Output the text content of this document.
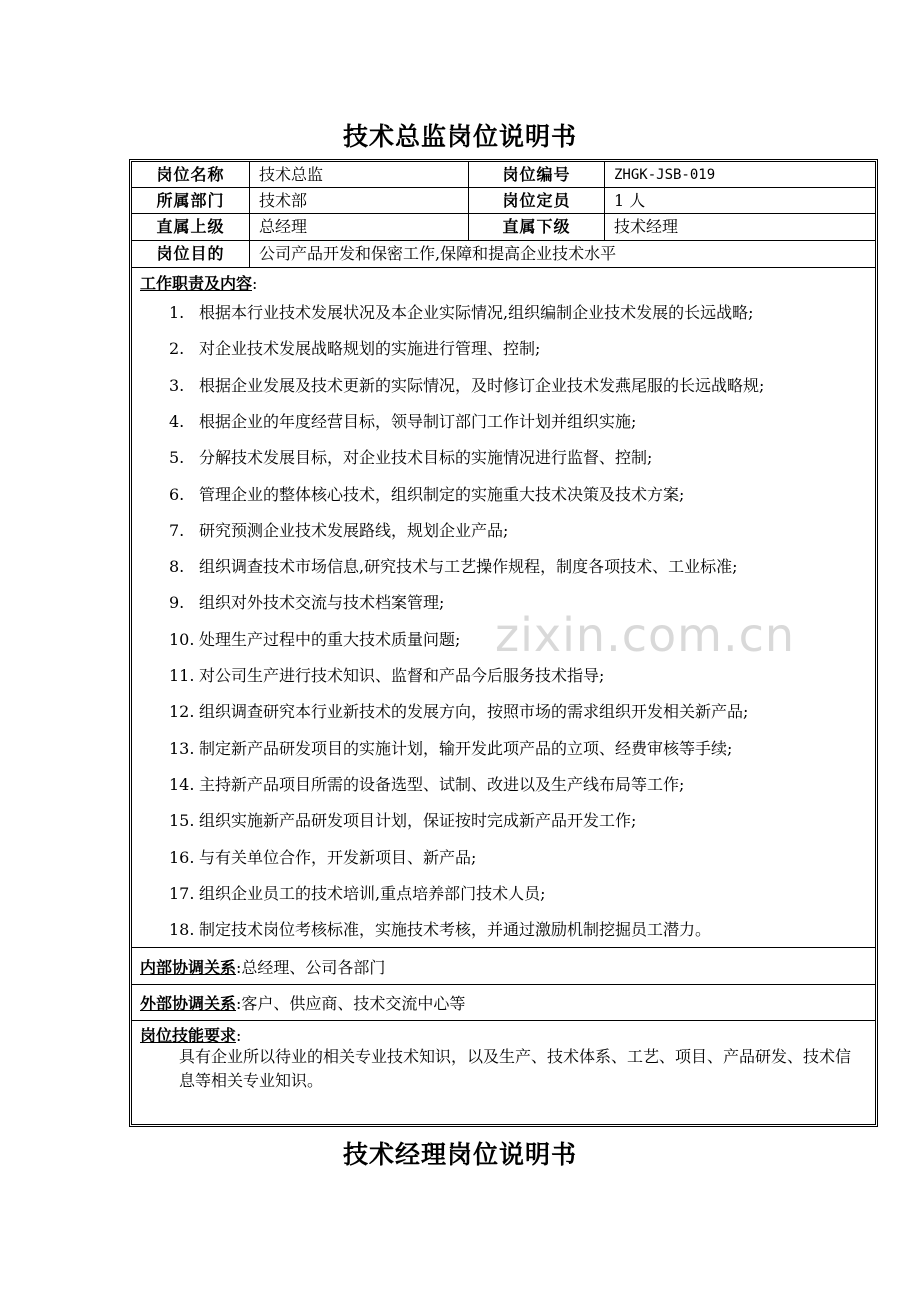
技术总监岗位说明书
岗位名称	技术总监	岗位编号	ZHGK-JSB-019
所属部门	技术部	岗位定员	1 人
直属上级	总经理	直属下级	技术经理
岗位目的	公司产品开发和保密工作,保障和提高企业技术水平
工作职责及内容:
1. 根据本行业技术发展状况及本企业实际情况,组织编制企业技术发展的长远战略;
2. 对企业技术发展战略规划的实施进行管理、控制;
3. 根据企业发展及技术更新的实际情况，及时修订企业技术发燕尾服的长远战略规;
4. 根据企业的年度经营目标，领导制订部门工作计划并组织实施;
5. 分解技术发展目标，对企业技术目标的实施情况进行监督、控制;
6. 管理企业的整体核心技术，组织制定的实施重大技术决策及技术方案;
7. 研究预测企业技术发展路线，规划企业产品;
8. 组织调查技术市场信息,研究技术与工艺操作规程，制度各项技术、工业标准;
9. 组织对外技术交流与技术档案管理;
10. 处理生产过程中的重大技术质量问题;
11. 对公司生产进行技术知识、监督和产品今后服务技术指导;
12. 组织调查研究本行业新技术的发展方向，按照市场的需求组织开发相关新产品;
13. 制定新产品研发项目的实施计划，输开发此项产品的立项、经费审核等手续;
14. 主持新产品项目所需的设备选型、试制、改进以及生产线布局等工作;
15. 组织实施新产品研发项目计划，保证按时完成新产品开发工作;
16. 与有关单位合作，开发新项目、新产品;
17. 组织企业员工的技术培训,重点培养部门技术人员;
18. 制定技术岗位考核标准，实施技术考核，并通过激励机制挖掘员工潜力。
内部协调关系:总经理、公司各部门
外部协调关系:客户、供应商、技术交流中心等
岗位技能要求:
具有企业所以待业的相关专业技术知识，以及生产、技术体系、工艺、项目、产品研发、技术信息等相关专业知识。
zixin.com.cn
技术经理岗位说明书
